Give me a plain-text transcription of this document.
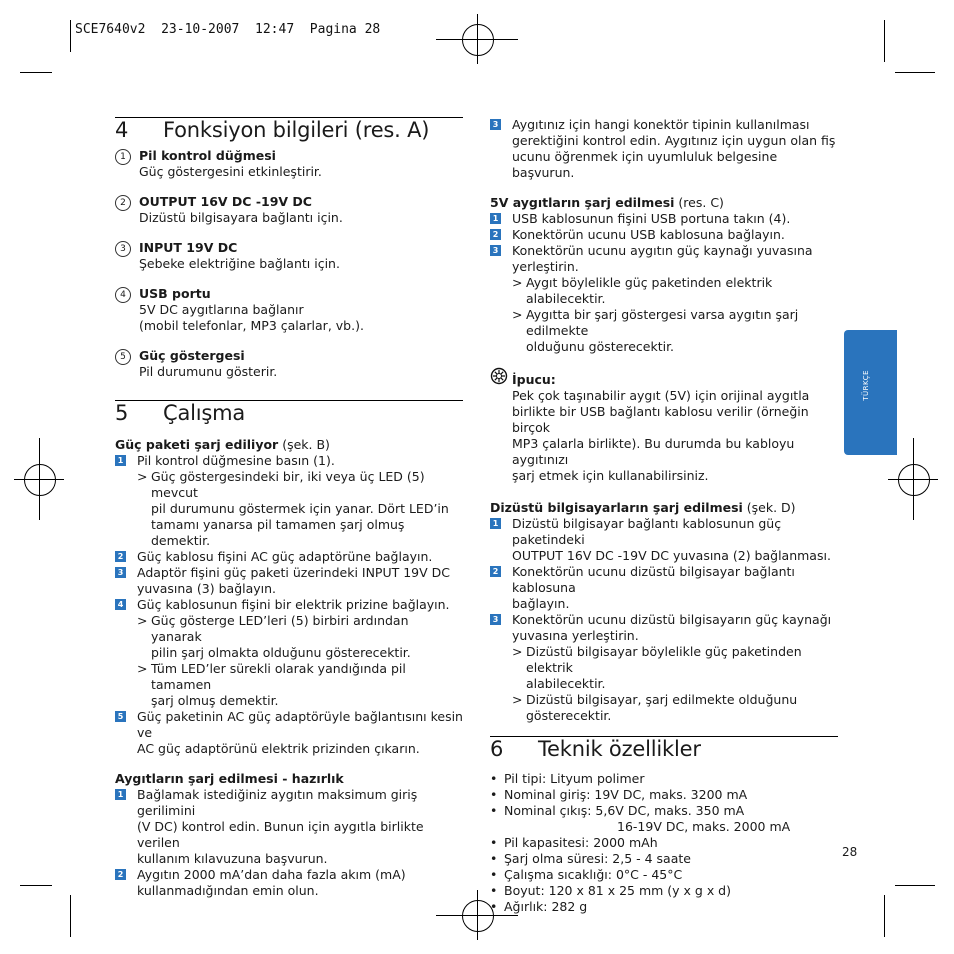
SCE7640v2  23-10-2007  12:47  Pagina 28
TÜRKÇE
4	Fonksiyon bilgileri (res. A)
1	Pil kontrol düğmesi
Güç göstergesini etkinleştirir.
2	OUTPUT 16V DC -19V DC
Dizüstü bilgisayara bağlantı için.
3	INPUT 19V DC
Şebeke elektriğine bağlantı için.
4	USB portu
5V DC aygıtlarına bağlanır
(mobil telefonlar, MP3 çalarlar, vb.).
5	Güç göstergesi
Pil durumunu gösterir.
5	Çalışma
Güç paketi şarj ediliyor (şek. B)
1 Pil kontrol düğmesine basın (1).
> Güç göstergesindeki bir, iki veya üç LED (5) mevcut
pil durumunu göstermek için yanar. Dört LED’in
tamamı yanarsa pil tamamen şarj olmuş demektir.
2 Güç kablosu fişini AC güç adaptörüne bağlayın.
3 Adaptör fişini güç paketi üzerindeki INPUT 19V DC
yuvasına (3) bağlayın.
4 Güç kablosunun fişini bir elektrik prizine bağlayın.
> Güç gösterge LED’leri (5) birbiri ardından yanarak
pilin şarj olmakta olduğunu gösterecektir.
> Tüm LED’ler sürekli olarak yandığında pil tamamen
şarj olmuş demektir.
5 Güç paketinin AC güç adaptörüyle bağlantısını kesin ve
AC güç adaptörünü elektrik prizinden çıkarın.
Aygıtların şarj edilmesi - hazırlık
1 Bağlamak istediğiniz aygıtın maksimum giriş gerilimini
(V DC) kontrol edin. Bunun için aygıtla birlikte verilen
kullanım kılavuzuna başvurun.
2 Aygıtın 2000 mA’dan daha fazla akım (mA)
kullanmadığından emin olun.
3 Aygıtınız için hangi konektör tipinin kullanılması
gerektiğini kontrol edin. Aygıtınız için uygun olan fiş
ucunu öğrenmek için uyumluluk belgesine başvurun.
5V aygıtların şarj edilmesi (res. C)
1 USB kablosunun fişini USB portuna takın (4).
2 Konektörün ucunu USB kablosuna bağlayın.
3 Konektörün ucunu aygıtın güç kaynağı yuvasına
yerleştirin.
> Aygıt böylelikle güç paketinden elektrik alabilecektir.
> Aygıtta bir şarj göstergesi varsa aygıtın şarj edilmekte
olduğunu gösterecektir.
İpucu:
Pek çok taşınabilir aygıt (5V) için orijinal aygıtla
birlikte bir USB bağlantı kablosu verilir (örneğin birçok
MP3 çalarla birlikte). Bu durumda bu kabloyu aygıtınızı
şarj etmek için kullanabilirsiniz.
Dizüstü bilgisayarların şarj edilmesi (şek. D)
1 Dizüstü bilgisayar bağlantı kablosunun güç paketindeki
OUTPUT 16V DC -19V DC yuvasına (2) bağlanması.
2 Konektörün ucunu dizüstü bilgisayar bağlantı kablosuna
bağlayın.
3 Konektörün ucunu dizüstü bilgisayarın güç kaynağı
yuvasına yerleştirin.
> Dizüstü bilgisayar böylelikle güç paketinden elektrik
alabilecektir.
> Dizüstü bilgisayar, şarj edilmekte olduğunu
gösterecektir.
6	Teknik özellikler
• Pil tipi: Lityum polimer
• Nominal giriş: 19V DC, maks. 3200 mA
• Nominal çıkış: 5,6V DC, maks. 350 mA
16-19V DC, maks. 2000 mA
• Pil kapasitesi: 2000 mAh
• Şarj olma süresi: 2,5 - 4 saate
• Çalışma sıcaklığı: 0°C - 45°C
• Boyut: 120 x 81 x 25 mm (y x g x d)
• Ağırlık: 282 g
28
